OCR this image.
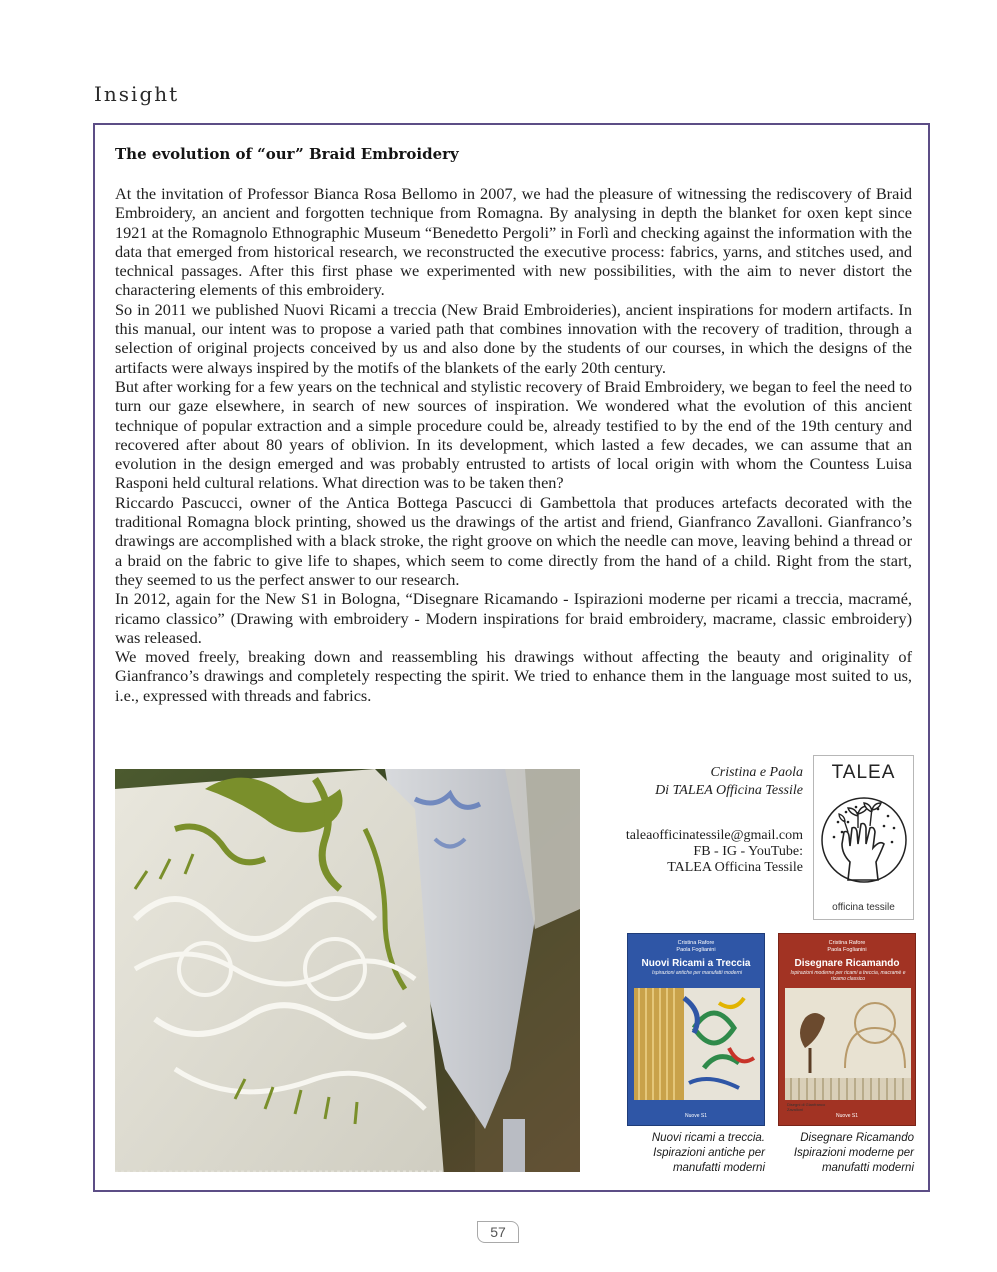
Insight
The evolution of “our” Braid Embroidery

At the invitation of Professor Bianca Rosa Bellomo in 2007, we had the pleasure of witnessing the rediscovery of Braid Embroidery, an ancient and forgotten technique from Romagna. By analysing in depth the blanket for oxen kept since 1921 at the Romagnolo Ethnographic Museum “Benedetto Pergoli” in Forlì and checking against the information with the data that emerged from historical research, we reconstructed the executive process: fabrics, yarns, and stitches used, and technical passages. After this first phase we experimented with new possibilities, with the aim to never distort the charactering elements of this embroidery.

So in 2011 we published Nuovi Ricami a treccia (New Braid Embroideries), ancient inspirations for modern artifacts. In this manual, our intent was to propose a varied path that combines innovation with the recovery of tradition, through a selection of original projects conceived by us and also done by the students of our courses, in which the designs of the artifacts were always inspired by the motifs of the blankets of the early 20th century.

But after working for a few years on the technical and stylistic recovery of Braid Embroidery, we began to feel the need to turn our gaze elsewhere, in search of new sources of inspiration. We wondered what the evolution of this ancient technique of popular extraction and a simple procedure could be, already testified to by the end of the 19th century and recovered after about 80 years of oblivion. In its development, which lasted a few decades, we can assume that an evolution in the design emerged and was probably entrusted to artists of local origin with whom the Countess Luisa Rasponi held cultural relations. What direction was to be taken then?

Riccardo Pascucci, owner of the Antica Bottega Pascucci di Gambettola that produces artefacts decorated with the traditional Romagna block printing, showed us the drawings of the artist and friend, Gianfranco Zavalloni. Gianfranco’s drawings are accomplished with a black stroke, the right groove on which the needle can move, leaving behind a thread or a braid on the fabric to give life to shapes, which seem to come directly from the hand of a child. Right from the start, they seemed to us the perfect answer to our research.

In 2012, again for the New S1 in Bologna, “Disegnare Ricamando - Ispirazioni moderne per ricami a treccia, macramé, ricamo classico” (Drawing with embroidery - Modern inspirations for braid embroidery, macrame, classic embroidery) was released.

We moved freely, breaking down and reassembling his drawings without affecting the beauty and originality of Gianfranco’s drawings and completely respecting the spirit. We tried to enhance them in the language most suited to us, i.e., expressed with threads and fabrics.

Cristina e Paola
Di TALEA Officina Tessile
taleaofficinatessile@gmail.com
FB - IG - YouTube:
TALEA Officina Tessile
TALEA
officina tessile
Cristina Rafore
Paola Foglianini
Nuovi Ricami a Treccia
Ispirazioni antiche per manufatti moderni
Nuove S1
Cristina Rafore
Paola Foglianini
Disegnare Ricamando
Ispirazioni moderne per ricami a treccia, macramè e ricamo classico
Disegni di Gianfranco Zavalloni
Nuove S1
Nuovi ricami a treccia.
Ispirazioni antiche per
manufatti moderni
Disegnare Ricamando
Ispirazioni moderne per
manufatti moderni
57
